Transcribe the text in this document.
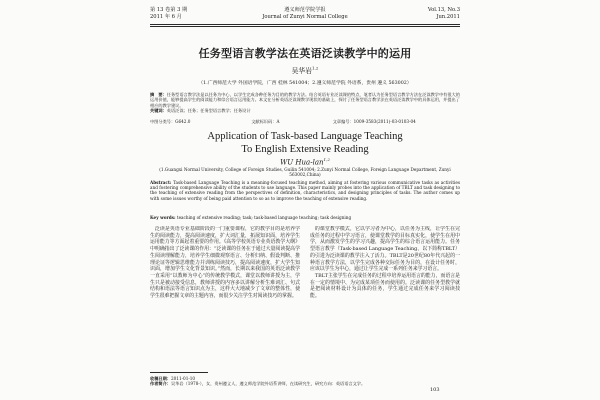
第 13 卷第 3 期
2011 年 6 月
遵义师范学院学报
Journal of Zunyi Normal College
Vol.13, No.3
Jun.2011
任务型语言教学法在英语泛读教学中的运用
吴华岩$^{1,2}$
（1.广西师范大学 外国语学院，广西 桂林 541004；2.遵义师范学院 外语系，贵州 遵义 563002）
摘　要：任务型语言教学法是以任务为中心，以学生完成各种任务为目的的教学方法。结合英语专业泛读课的特点，笔者认为任务型语言教学方法在泛读教学中有很大的运用价值，能够提高学生的阅读能力和综合语言运用能力。本文在分析英语泛读课教学现状的基础上，探讨了任务型语言教学法在英语泛读教学中的具体运用，并提出了相应的教学建议。
关键词：英语泛读；任务；任务型语言教学；任务设计
中图分类号：G642.0	文献标识码：A	文章编号：1009-3583(2011)-03-0103-04
Application of Task-based Language Teaching
To English Extensive Reading
WU Hua-lan$^{1,2}$
(1.Guangxi Normal University, College of Foreign Studies, Guilin 541004; 2.Zunyi Normal College, Foreign Language Department, Zunyi 563002,China)
Abstract: Task-based Language Teaching is a meaning-focused teaching method, aiming at fostering various communicative tasks as activities and fostering comprehensive ability of the students to use language. This paper mainly probes into the application of TBLT and task designing to the teaching of extensive reading from the perspectives of definition, characteristics, and designing principles of tasks. The author comes up with some issues worthy of being paid attention to so as to improve the teaching of extensive reading.
Key words: teaching of extensive reading; task; task-based language teaching; task designing

泛读是英语专业基础阶段的一门重要课程，它的教学目的是培养学生的阅读能力，提高阅读速度，扩大词汇量，拓展知识面，培养学生运用能力等方面起着重要的作用。《高等学校英语专业英语教学大纲》中明确指出了泛读课的作用：“泛读课的任务在于通过大量阅读提高学生阅读理解能力，培养学生细微观察语言、分析归纳、假设判断、推理论证等逻辑思维能力并训练阅读技巧，提高阅读速度，扩大学生知识面，增加学生文化背景知识。”然而，长期以来我国的英语泛读教学一直采用“以教师为中心”的传统教学模式，课堂以教师讲授为主，学生只是被动接受信息，教师讲授的内容多以讲解分析生难词汇、句式结构和语法等语言知识点为主，这样大大地减少了文章的整体性，使学生很难把握文章的主题内容，而很少关注学生对阅读技巧的掌握。

的课堂教学模式，它以学习者为中心，以任务为主线，让学生在完成任务的过程中学习语言，使课堂教学的目标真实化，使学生在用中学，从而激发学生的学习兴趣，提高学生的综合语言运用能力。任务型语言教学（Task-based Language Teaching，以下简称TBLT）的引进为泛读课的教学注入了活力。TBLT是20世纪80年代兴起的一种语言教学方法，以学生完成各种交际任务为目的，在设计任务时，应该以学生为中心，通过让学生完成一系列任务来学习语言。

TBLT主张学生在完成任务的过程中培养运用语言的能力，而语言是在一定的情境中、为完成某项任务而使用的。泛读课的任务型教学就是把阅读材料设计为具体的任务，学生通过完成任务来学习阅读技能。

收稿日期：2011-01-10
作者简介：吴华岩（1978-），女，贵州遵义人，遵义师范学院外语系讲师，在读研究生，研究方向：英语语言文学。
103
